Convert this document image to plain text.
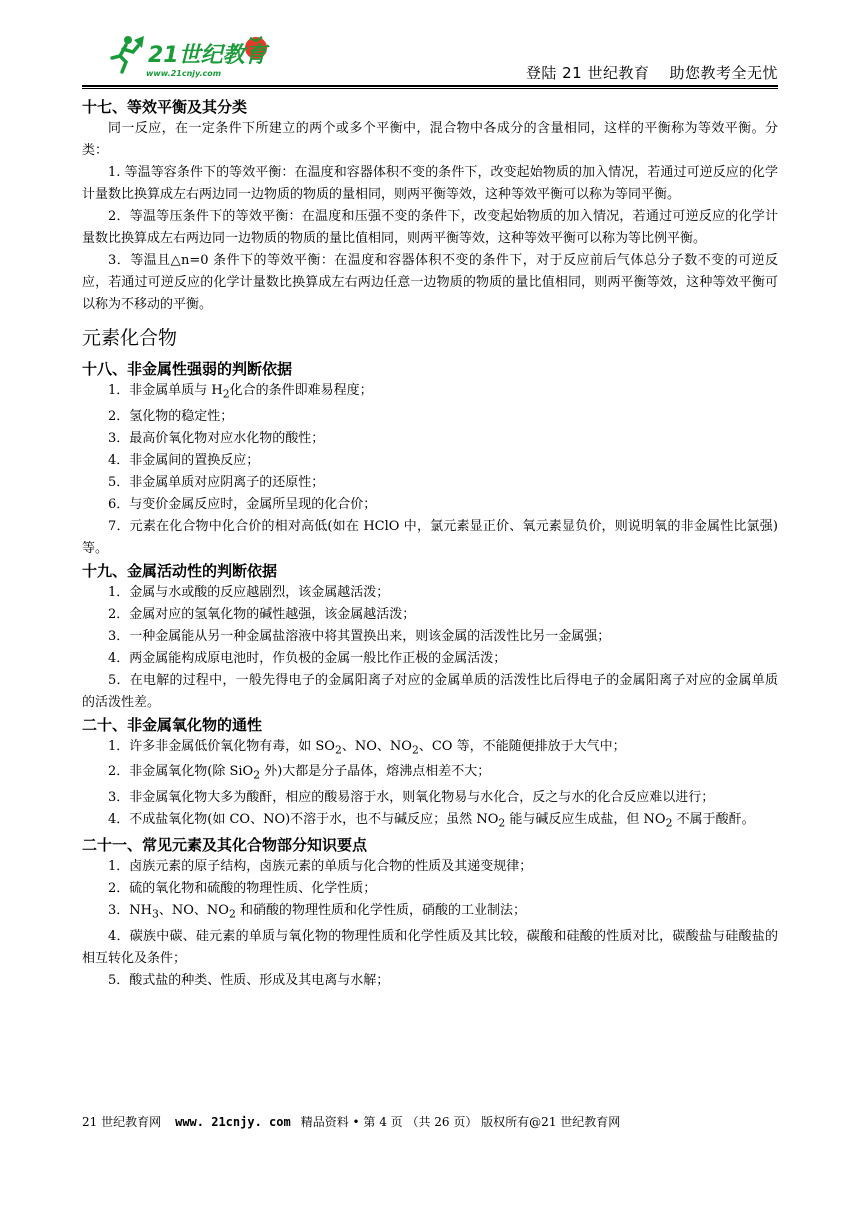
21世纪教育
www.21cnjy.com	登陆 21 世纪教育 助您教考全无忧

十七、等效平衡及其分类

同一反应，在一定条件下所建立的两个或多个平衡中，混合物中各成分的含量相同，这样的平衡称为等效平衡。分类：

1. 等温等容条件下的等效平衡：在温度和容器体积不变的条件下，改变起始物质的加入情况，若通过可逆反应的化学计量数比换算成左右两边同一边物质的物质的量相同，则两平衡等效，这种等效平衡可以称为等同平衡。

2．等温等压条件下的等效平衡：在温度和压强不变的条件下，改变起始物质的加入情况，若通过可逆反应的化学计量数比换算成左右两边同一边物质的物质的量比值相同，则两平衡等效，这种等效平衡可以称为等比例平衡。

3．等温且△n=0 条件下的等效平衡：在温度和容器体积不变的条件下，对于反应前后气体总分子数不变的可逆反应，若通过可逆反应的化学计量数比换算成左右两边任意一边物质的物质的量比值相同，则两平衡等效，这种等效平衡可以称为不移动的平衡。

元素化合物

十八、非金属性强弱的判断依据

1．非金属单质与 $H_2$化合的条件即难易程度；

2．氢化物的稳定性；

3．最高价氧化物对应水化物的酸性；

4．非金属间的置换反应；

5．非金属单质对应阴离子的还原性；

6．与变价金属反应时，金属所呈现的化合价；

7．元素在化合物中化合价的相对高低(如在 HClO 中，氯元素显正价、氧元素显负价，则说明氧的非金属性比氯强)等。

十九、金属活动性的判断依据

1．金属与水或酸的反应越剧烈，该金属越活泼；

2．金属对应的氢氧化物的碱性越强，该金属越活泼；

3．一种金属能从另一种金属盐溶液中将其置换出来，则该金属的活泼性比另一金属强；

4．两金属能构成原电池时，作负极的金属一般比作正极的金属活泼；

5．在电解的过程中，一般先得电子的金属阳离子对应的金属单质的活泼性比后得电子的金属阳离子对应的金属单质的活泼性差。

二十、非金属氧化物的通性

1．许多非金属低价氧化物有毒，如 $SO_2$、NO、$NO_2$、CO 等，不能随便排放于大气中；

2．非金属氧化物(除 SiO$_2$ 外)大都是分子晶体，熔沸点相差不大；

3．非金属氧化物大多为酸酐，相应的酸易溶于水，则氧化物易与水化合，反之与水的化合反应难以进行；

4．不成盐氧化物(如 CO、NO)不溶于水，也不与碱反应；虽然 $NO_2$ 能与碱反应生成盐，但 $NO_2$ 不属于酸酐。

二十一、常见元素及其化合物部分知识要点

1．卤族元素的原子结构，卤族元素的单质与化合物的性质及其递变规律；

2．硫的氧化物和硫酸的物理性质、化学性质；

3．$NH_3$、NO、$NO_2$ 和硝酸的物理性质和化学性质，硝酸的工业制法；

4．碳族中碳、硅元素的单质与氧化物的物理性质和化学性质及其比较，碳酸和硅酸的性质对比，碳酸盐与硅酸盐的相互转化及条件；

5．酸式盐的种类、性质、形成及其电离与水解；

21 世纪教育网 www. 21cnjy. com 精品资料 • 第 4 页 （共 26 页） 版权所有@21 世纪教育网
